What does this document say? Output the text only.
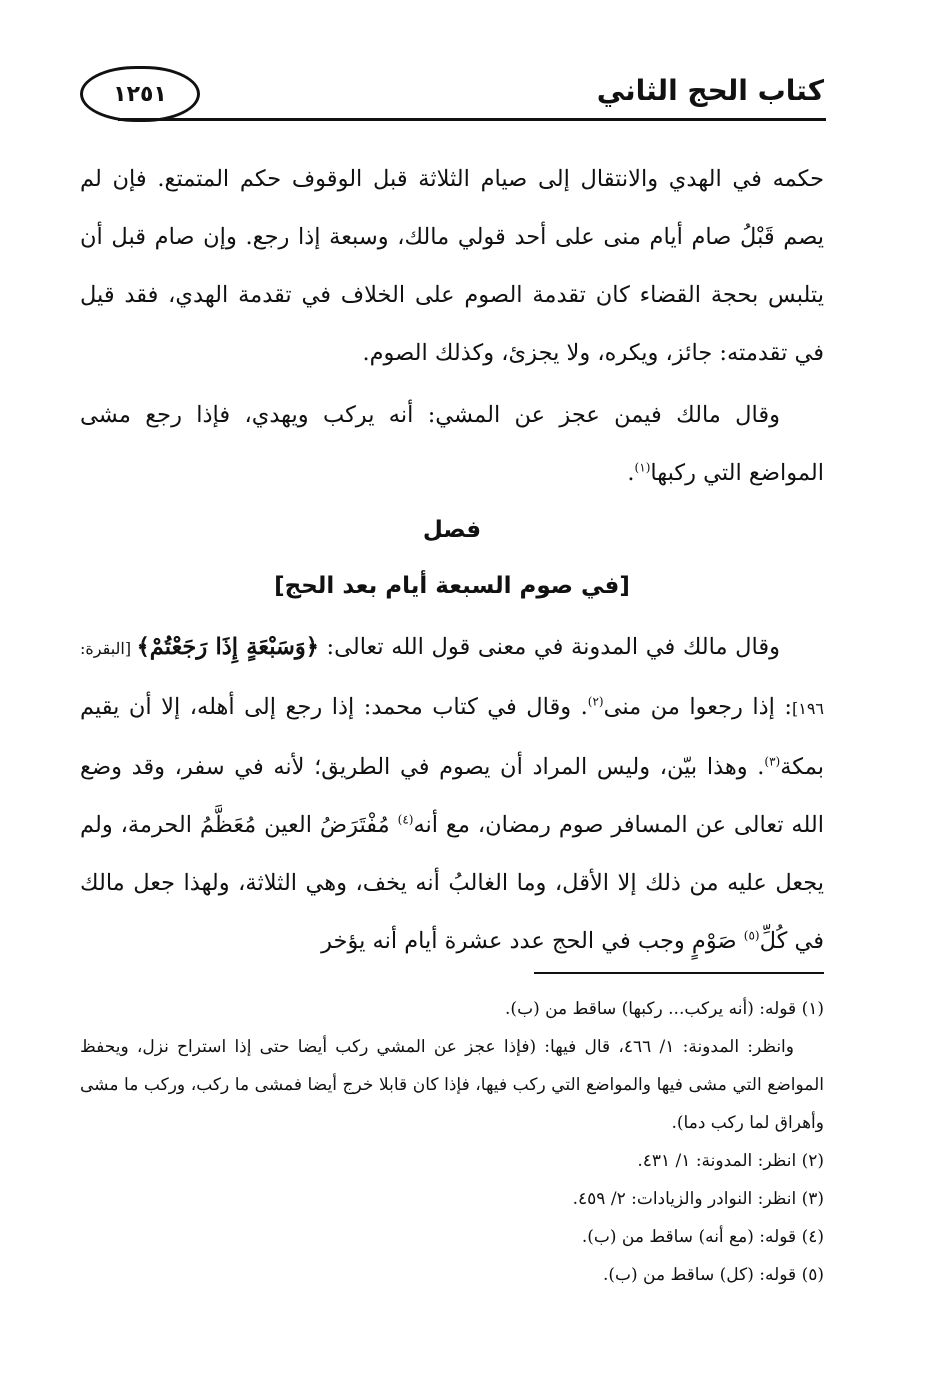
١٢٥١	كتاب الحج الثاني

حكمه في الهدي والانتقال إلى صيام الثلاثة قبل الوقوف حكم المتمتع. فإن لم يصم قَبْلُ صام أيام منى على أحد قولي مالك، وسبعة إذا رجع. وإن صام قبل أن يتلبس بحجة القضاء كان تقدمة الصوم على الخلاف في تقدمة الهدي، فقد قيل في تقدمته: جائز، ويكره، ولا يجزئ، وكذلك الصوم.

وقال مالك فيمن عجز عن المشي: أنه يركب ويهدي، فإذا رجع مشى المواضع التي ركبها$^{(١)}$.

فصل

[في صوم السبعة أيام بعد الحج]

وقال مالك في المدونة في معنى قول الله تعالى: ﴿وَسَبْعَةٍ إِذَا رَجَعْتُمْ﴾ [البقرة: ١٩٦]: إذا رجعوا من منى$^{(٢)}$. وقال في كتاب محمد: إذا رجع إلى أهله، إلا أن يقيم بمكة$^{(٣)}$. وهذا بيّن، وليس المراد أن يصوم في الطريق؛ لأنه في سفر، وقد وضع الله تعالى عن المسافر صوم رمضان، مع أنه$^{(٤)}$ مُفْتَرَضُ العين مُعَظَّمُ الحرمة، ولم يجعل عليه من ذلك إلا الأقل، وما الغالبُ أنه يخف، وهي الثلاثة، ولهذا جعل مالك في كُلِّ$^{(٥)}$ صَوْمٍ وجب في الحج عدد عشرة أيام أنه يؤخر

(١) قوله: (أنه يركب... ركبها) ساقط من (ب).

وانظر: المدونة: ١/ ٤٦٦، قال فيها: (فإذا عجز عن المشي ركب أيضا حتى إذا استراح نزل، ويحفظ المواضع التي مشى فيها والمواضع التي ركب فيها، فإذا كان قابلا خرج أيضا فمشى ما ركب، وركب ما مشى وأهراق لما ركب دما).

(٢) انظر: المدونة: ١/ ٤٣١.

(٣) انظر: النوادر والزيادات: ٢/ ٤٥٩.

(٤) قوله: (مع أنه) ساقط من (ب).

(٥) قوله: (كل) ساقط من (ب).
